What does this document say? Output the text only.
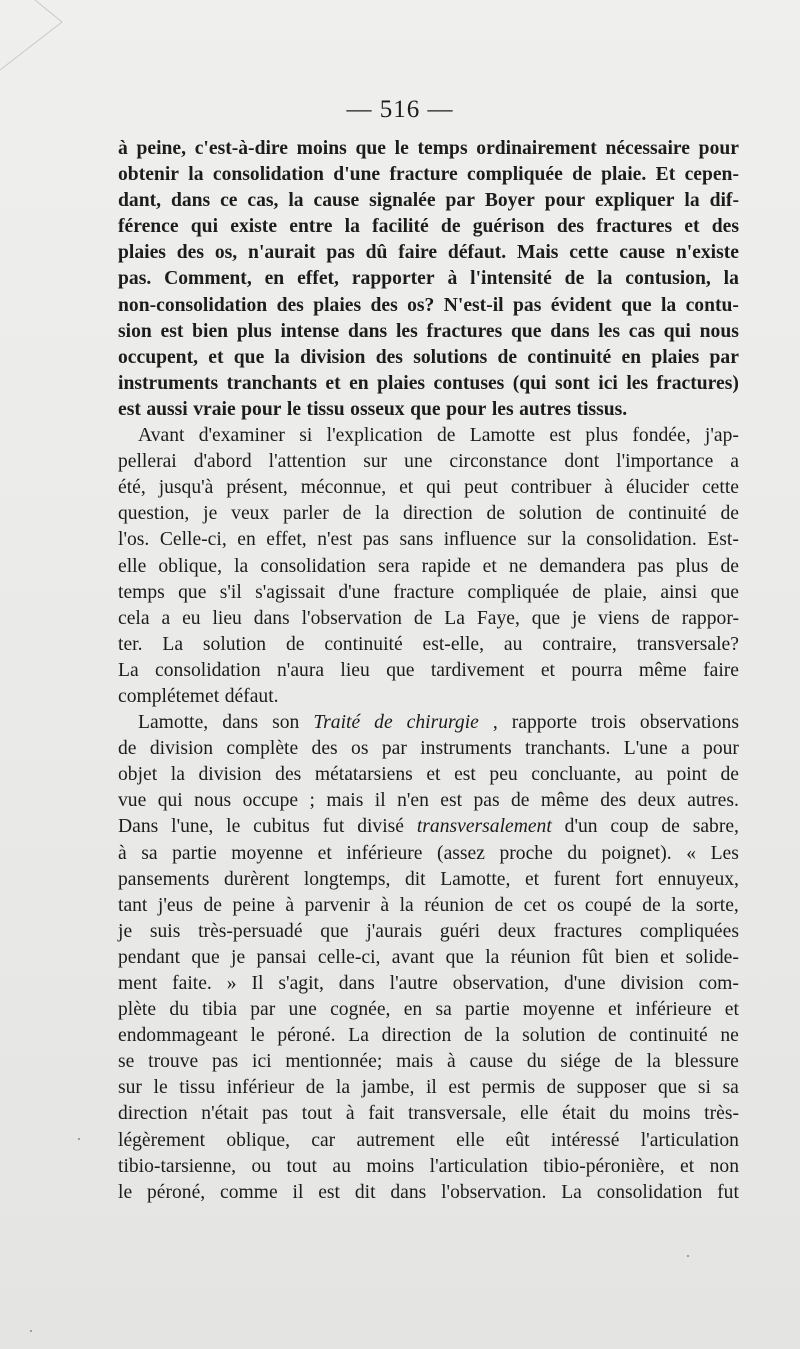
— 516 —
à peine, c'est-à-dire moins que le temps ordinairement nécessaire pour
obtenir la consolidation d'une fracture compliquée de plaie. Et cepen-
dant, dans ce cas, la cause signalée par Boyer pour expliquer la dif-
férence qui existe entre la facilité de guérison des fractures et des
plaies des os, n'aurait pas dû faire défaut. Mais cette cause n'existe
pas. Comment, en effet, rapporter à l'intensité de la contusion, la
non-consolidation des plaies des os? N'est-il pas évident que la contu-
sion est bien plus intense dans les fractures que dans les cas qui nous
occupent, et que la division des solutions de continuité en plaies par
instruments tranchants et en plaies contuses (qui sont ici les fractures)
est aussi vraie pour le tissu osseux que pour les autres tissus.
Avant d'examiner si l'explication de Lamotte est plus fondée, j'ap-
pellerai d'abord l'attention sur une circonstance dont l'importance a
été, jusqu'à présent, méconnue, et qui peut contribuer à élucider cette
question, je veux parler de la direction de solution de continuité de
l'os. Celle-ci, en effet, n'est pas sans influence sur la consolidation. Est-
elle oblique, la consolidation sera rapide et ne demandera pas plus de
temps que s'il s'agissait d'une fracture compliquée de plaie, ainsi que
cela a eu lieu dans l'observation de La Faye, que je viens de rappor-
ter. La solution de continuité est-elle, au contraire, transversale?
La consolidation n'aura lieu que tardivement et pourra même faire
complétemet défaut.
Lamotte, dans son Traité de chirurgie , rapporte trois observations
de division complète des os par instruments tranchants. L'une a pour
objet la division des métatarsiens et est peu concluante, au point de
vue qui nous occupe ; mais il n'en est pas de même des deux autres.
Dans l'une, le cubitus fut divisé transversalement d'un coup de sabre,
à sa partie moyenne et inférieure (assez proche du poignet). « Les
pansements durèrent longtemps, dit Lamotte, et furent fort ennuyeux,
tant j'eus de peine à parvenir à la réunion de cet os coupé de la sorte,
je suis très-persuadé que j'aurais guéri deux fractures compliquées
pendant que je pansai celle-ci, avant que la réunion fût bien et solide-
ment faite. » Il s'agit, dans l'autre observation, d'une division com-
plète du tibia par une cognée, en sa partie moyenne et inférieure et
endommageant le péroné. La direction de la solution de continuité ne
se trouve pas ici mentionnée; mais à cause du siége de la blessure
sur le tissu inférieur de la jambe, il est permis de supposer que si sa
direction n'était pas tout à fait transversale, elle était du moins très-
légèrement oblique, car autrement elle eût intéressé l'articulation
tibio-tarsienne, ou tout au moins l'articulation tibio-péronière, et non
le péroné, comme il est dit dans l'observation. La consolidation fut
